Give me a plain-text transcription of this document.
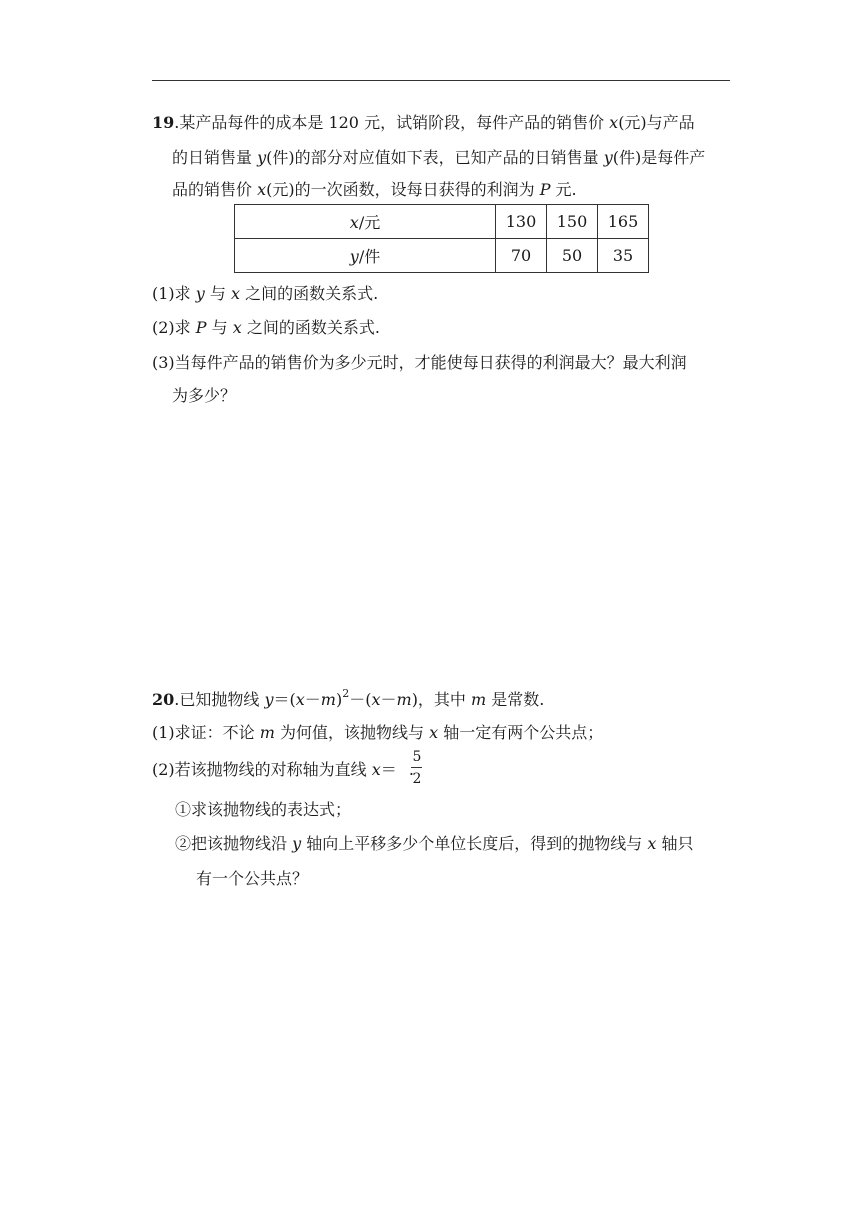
19.某产品每件的成本是 120 元，试销阶段，每件产品的销售价 x(元)与产品
的日销售量 y(件)的部分对应值如下表，已知产品的日销售量 y(件)是每件产
品的销售价 x(元)的一次函数，设每日获得的利润为 P 元.
x/元	130	150	165
y/件	70	50	35
(1)求 y 与 x 之间的函数关系式.
(2)求 P 与 x 之间的函数关系式.
(3)当每件产品的销售价为多少元时，才能使每日获得的利润最大？最大利润
为多少？
20.已知抛物线 $y=(x-m)^2-(x-m)$，其中 m 是常数.
(1)求证：不论 m 为何值，该抛物线与 x 轴一定有两个公共点；
(2)若该抛物线的对称轴为直线 x＝ .
5
2
①求该抛物线的表达式；
②把该抛物线沿 y 轴向上平移多少个单位长度后，得到的抛物线与 x 轴只
有一个公共点？
